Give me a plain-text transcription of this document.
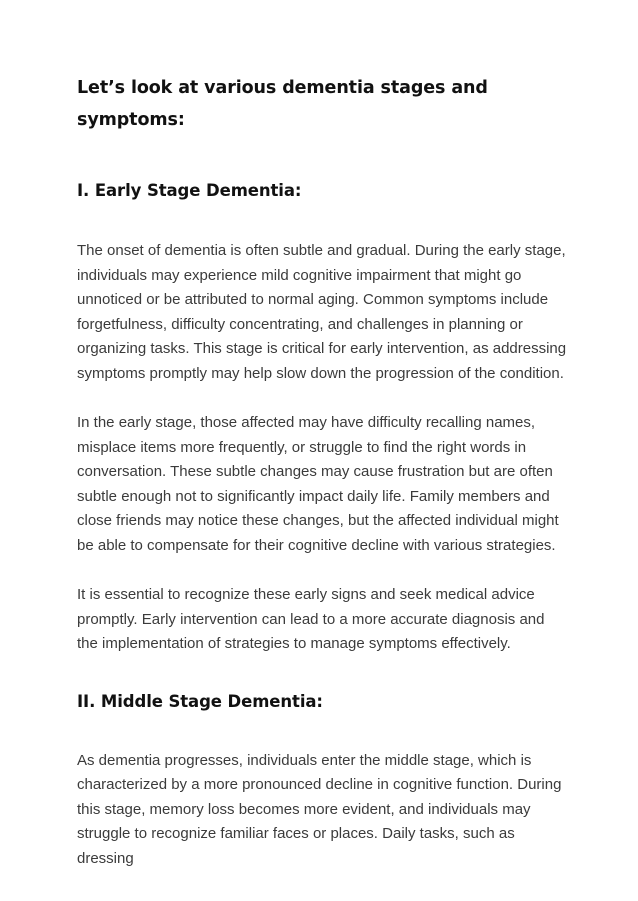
Let’s look at various dementia stages and symptoms:
I. Early Stage Dementia:

The onset of dementia is often subtle and gradual. During the early stage, individuals may experience mild cognitive impairment that might go unnoticed or be attributed to normal aging. Common symptoms include forgetfulness, difficulty concentrating, and challenges in planning or organizing tasks. This stage is critical for early intervention, as addressing symptoms promptly may help slow down the progression of the condition.

In the early stage, those affected may have difficulty recalling names, misplace items more frequently, or struggle to find the right words in conversation. These subtle changes may cause frustration but are often subtle enough not to significantly impact daily life. Family members and close friends may notice these changes, but the affected individual might be able to compensate for their cognitive decline with various strategies.

It is essential to recognize these early signs and seek medical advice promptly. Early intervention can lead to a more accurate diagnosis and the implementation of strategies to manage symptoms effectively.

II. Middle Stage Dementia:

As dementia progresses, individuals enter the middle stage, which is characterized by a more pronounced decline in cognitive function. During this stage, memory loss becomes more evident, and individuals may struggle to recognize familiar faces or places. Daily tasks, such as dressing
